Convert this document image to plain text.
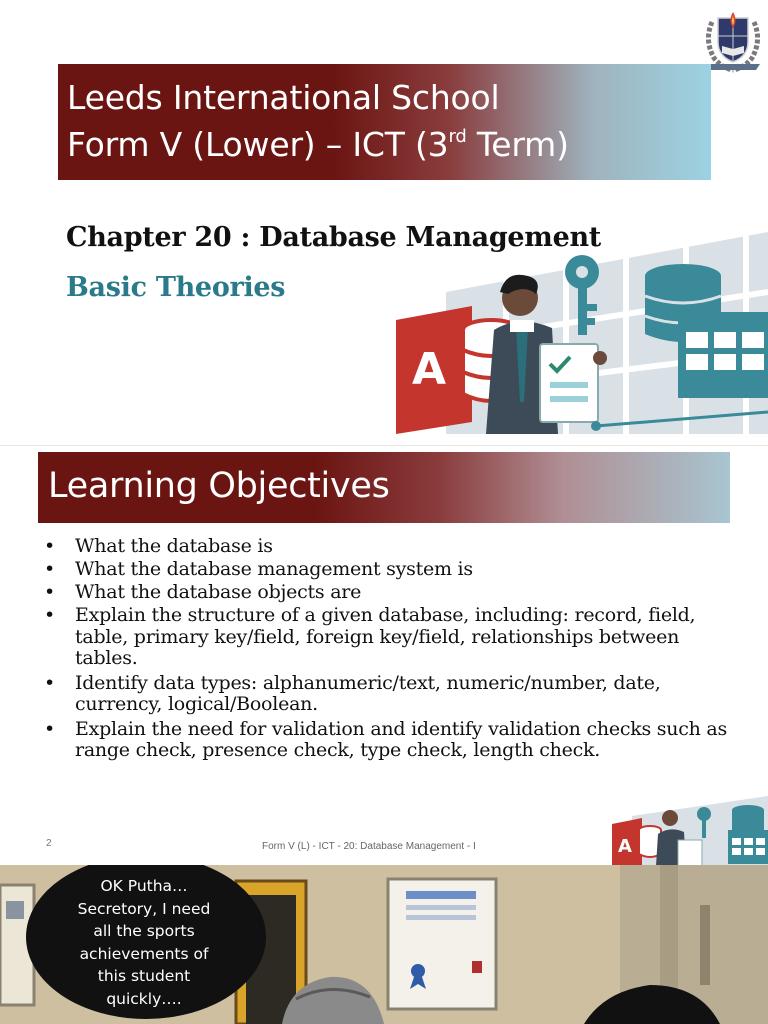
Leeds International School
Form V (Lower) – ICT (3rd Term)
Chapter 20 : Database Management
Basic Theories
A
Learning Objectives
• What the database is
• What the database management system is
• What the database objects are
• Explain the structure of a given database, including: record, field, table, primary key/field, foreign key/field, relationships between tables.
• Identify data types: alphanumeric/text, numeric/number, date, currency, logical/Boolean.
• Explain the need for validation and identify validation checks such as range check, presence check, type check, length check.
2	Form V (L) - ICT - 20: Database Management - I	A
OK Putha…
Secretory, I need
all the sports
achievements of
this student
quickly….
